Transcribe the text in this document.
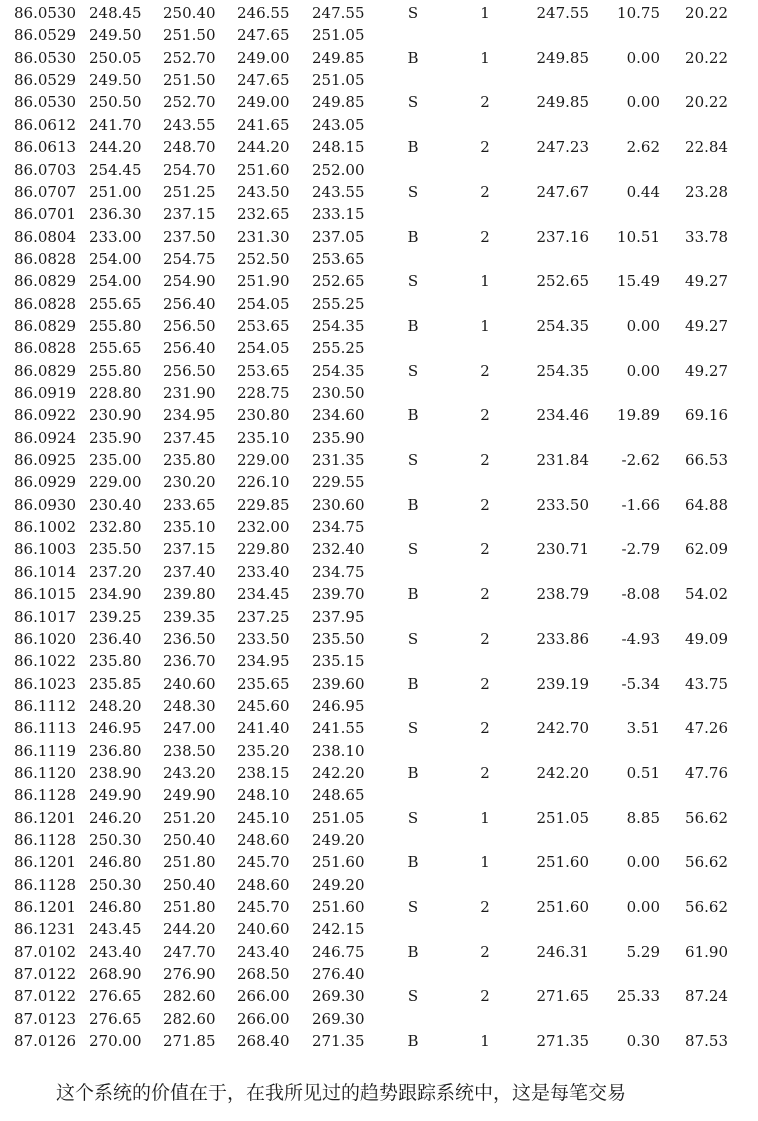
86.0530 248.45 250.40 246.55 247.55	S	1	247.55 10.75 20.22
86.0529 249.50 251.50 247.65 251.05
86.0530 250.05 252.70 249.00 249.85	B	1	249.85	0.00 20.22
86.0529 249.50 251.50 247.65 251.05
86.0530 250.50 252.70 249.00 249.85	S	2	249.85	0.00 20.22
86.0612 241.70 243.55 241.65 243.05
86.0613 244.20 248.70 244.20 248.15	B	2	247.23	2.62 22.84
86.0703 254.45 254.70 251.60 252.00
86.0707 251.00 251.25 243.50 243.55	S	2	247.67	0.44 23.28
86.0701 236.30 237.15 232.65 233.15
86.0804 233.00 237.50 231.30 237.05	B	2	237.16 10.51 33.78
86.0828 254.00 254.75 252.50 253.65
86.0829 254.00 254.90 251.90 252.65	S	1	252.65 15.49 49.27
86.0828 255.65 256.40 254.05 255.25
86.0829 255.80 256.50 253.65 254.35	B	1	254.35	0.00 49.27
86.0828 255.65 256.40 254.05 255.25
86.0829 255.80 256.50 253.65 254.35	S	2	254.35	0.00 49.27
86.0919 228.80 231.90 228.75 230.50
86.0922 230.90 234.95 230.80 234.60	B	2	234.46 19.89 69.16
86.0924 235.90 237.45 235.10 235.90
86.0925 235.00 235.80 229.00 231.35	S	2	231.84 -2.62 66.53
86.0929 229.00 230.20 226.10 229.55
86.0930 230.40 233.65 229.85 230.60	B	2	233.50 -1.66 64.88
86.1002 232.80 235.10 232.00 234.75
86.1003 235.50 237.15 229.80 232.40	S	2	230.71 -2.79 62.09
86.1014 237.20 237.40 233.40 234.75
86.1015 234.90 239.80 234.45 239.70	B	2	238.79 -8.08 54.02
86.1017 239.25 239.35 237.25 237.95
86.1020 236.40 236.50 233.50 235.50	S	2	233.86 -4.93 49.09
86.1022 235.80 236.70 234.95 235.15
86.1023 235.85 240.60 235.65 239.60	B	2	239.19 -5.34 43.75
86.1112 248.20 248.30 245.60 246.95
86.1113 246.95 247.00 241.40 241.55	S	2	242.70	3.51 47.26
86.1119 236.80 238.50 235.20 238.10
86.1120 238.90 243.20 238.15 242.20	B	2	242.20	0.51 47.76
86.1128 249.90 249.90 248.10 248.65
86.1201 246.20 251.20 245.10 251.05	S	1	251.05	8.85 56.62
86.1128 250.30 250.40 248.60 249.20
86.1201 246.80 251.80 245.70 251.60	B	1	251.60	0.00 56.62
86.1128 250.30 250.40 248.60 249.20
86.1201 246.80 251.80 245.70 251.60	S	2	251.60	0.00 56.62
86.1231 243.45 244.20 240.60 242.15
87.0102 243.40 247.70 243.40 246.75	B	2	246.31	5.29 61.90
87.0122 268.90 276.90 268.50 276.40
87.0122 276.65 282.60 266.00 269.30	S	2	271.65 25.33 87.24
87.0123 276.65 282.60 266.00 269.30
87.0126 270.00 271.85 268.40 271.35	B	1	271.35	0.30 87.53
这个系统的价值在于，在我所见过的趋势跟踪系统中，这是每笔交易
